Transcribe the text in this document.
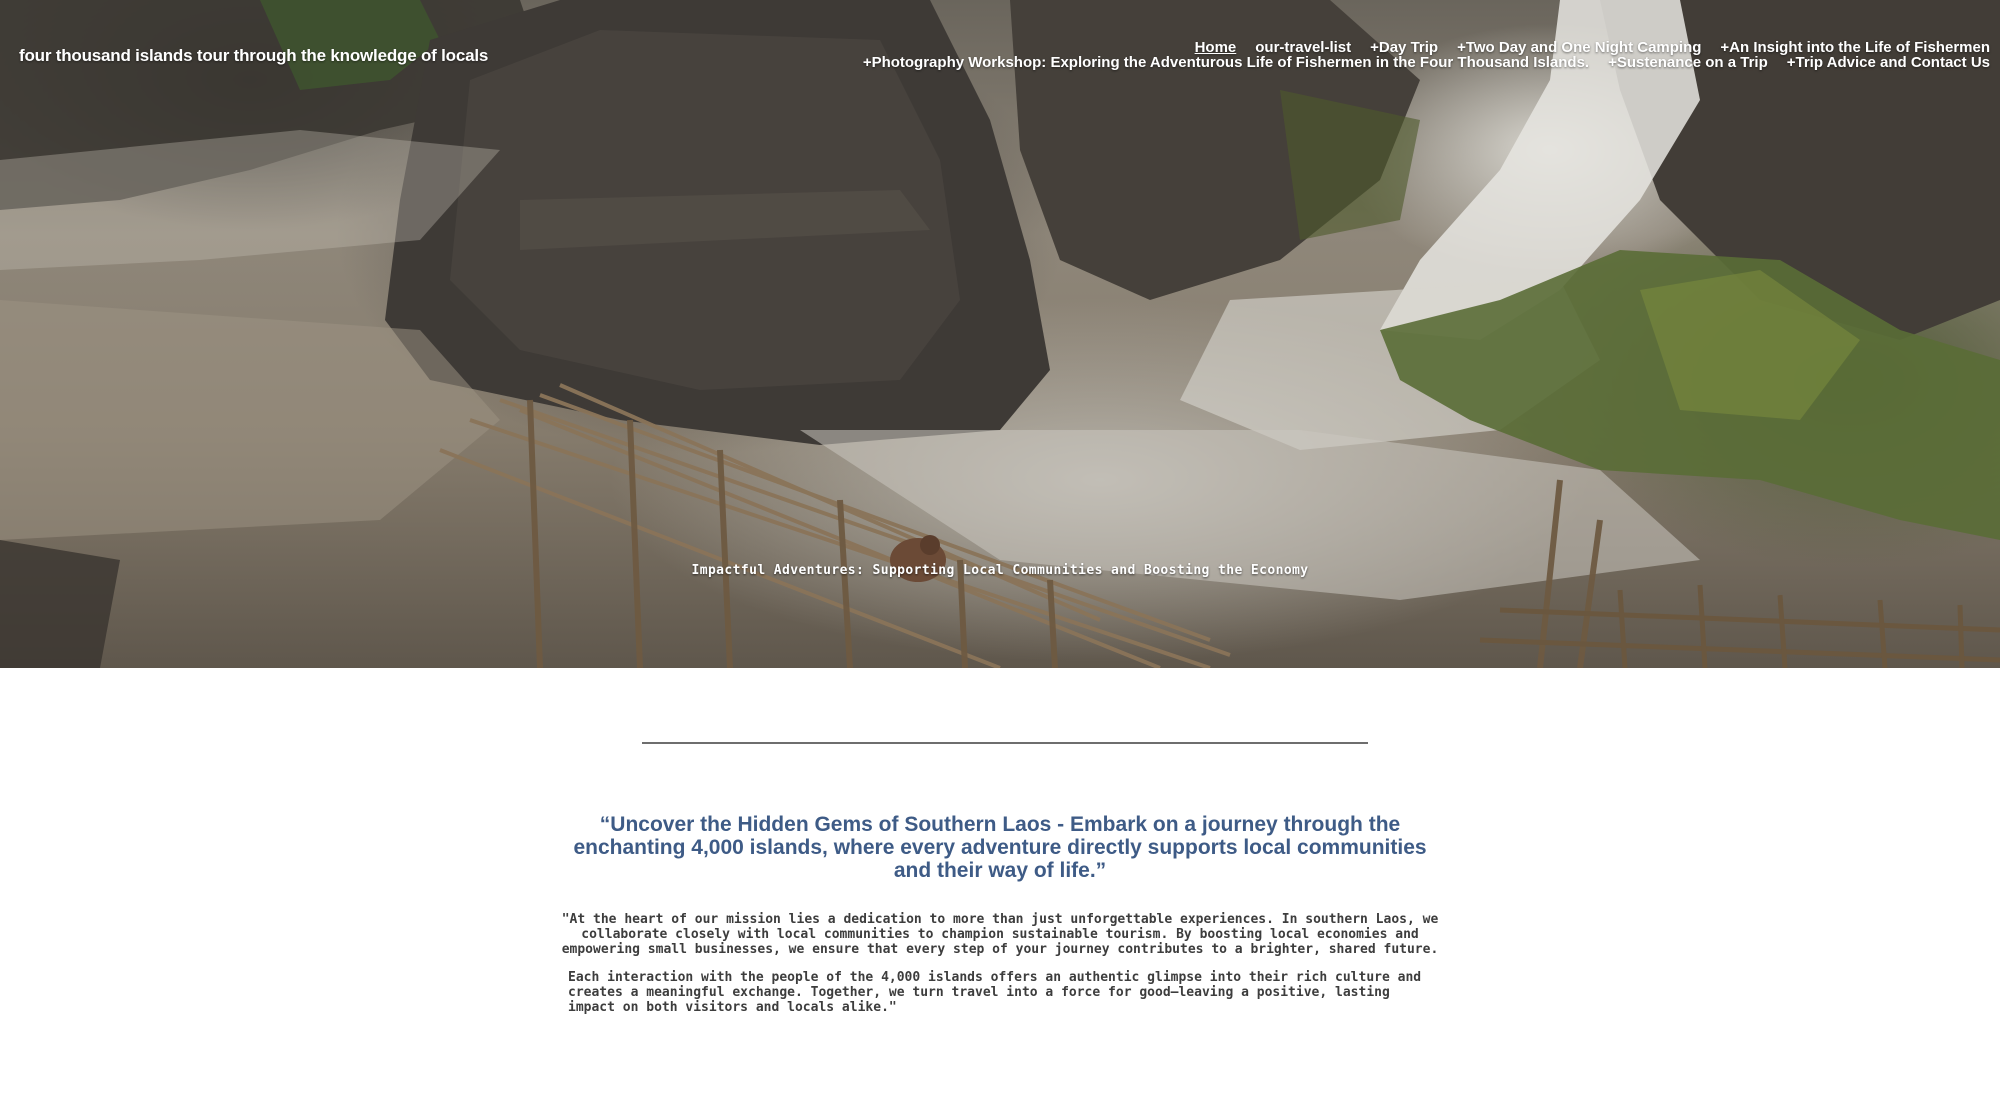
four thousand islands tour through the knowledge of locals	Home our-travel-list +Day Trip +Two Day and One Night Camping +An Insight into the Life of Fishermen
+Photography Workshop: Exploring the Adventurous Life of Fishermen in the Four Thousand Islands. +Sustenance on a Trip +Trip Advice and Contact Us

Impactful Adventures: Supporting Local Communities and Boosting the Economy

“Uncover the Hidden Gems of Southern Laos - Embark on a journey through the enchanting 4,000 islands, where every adventure directly supports local communities and their way of life.”

"At the heart of our mission lies a dedication to more than just unforgettable experiences. In southern Laos, we collaborate closely with local communities to champion sustainable tourism. By boosting local economies and empowering small businesses, we ensure that every step of your journey contributes to a brighter, shared future.

Each interaction with the people of the 4,000 islands offers an authentic glimpse into their rich culture and creates a meaningful exchange. Together, we turn travel into a force for good—leaving a positive, lasting impact on both visitors and locals alike."
